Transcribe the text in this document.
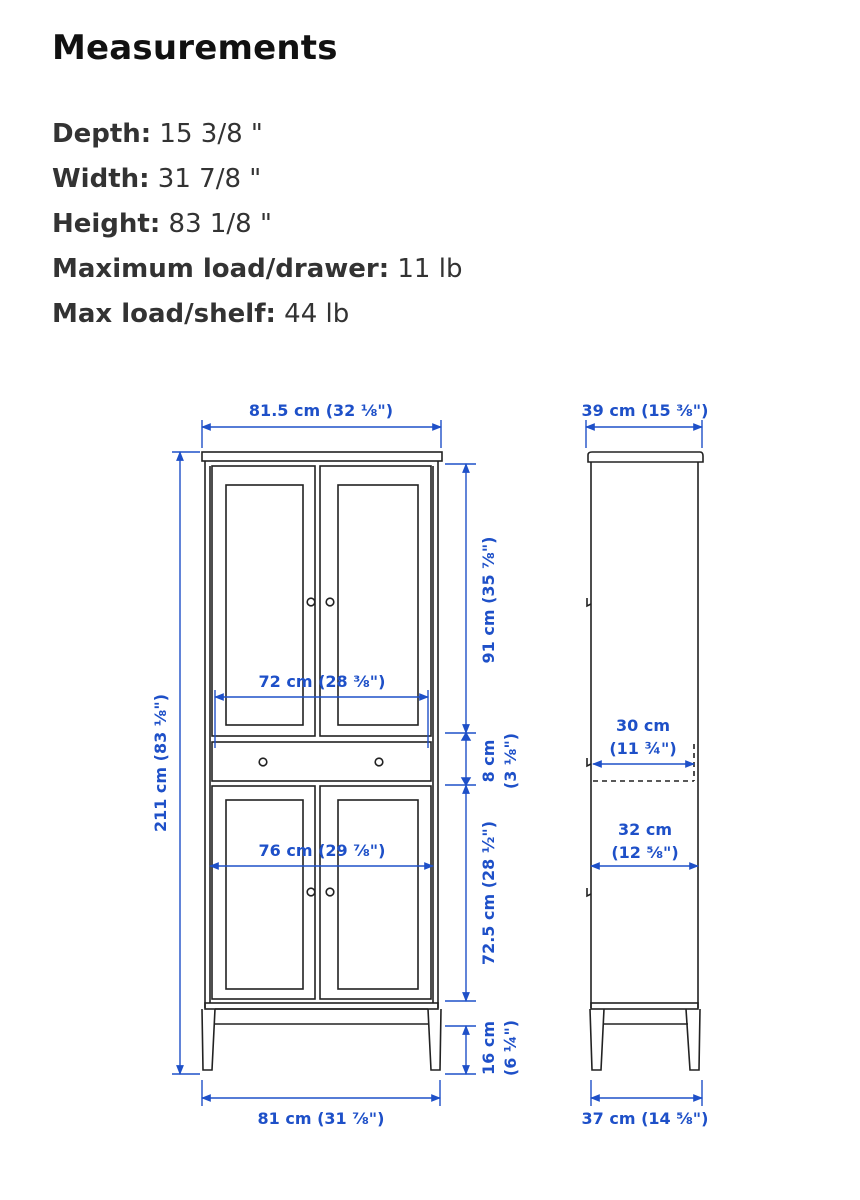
Measurements
Depth: 15 3/8 "
Width: 31 7/8 "
Height: 83 1/8 "
Maximum load/drawer: 11 lb
Max load/shelf: 44 lb
81.5 cm (32 ⅛")
81 cm (31 ⅞")
72 cm (28 ⅜")
76 cm (29 ⅞")
211 cm (83 ⅛")
91 cm (35 ⅞")
8 cm (3 ⅛")
72.5 cm (28 ½")
16 cm (6 ¼")
39 cm (15 ⅜")
30 cm
(11 ¾")
32 cm
(12 ⅝")
37 cm (14 ⅝")
